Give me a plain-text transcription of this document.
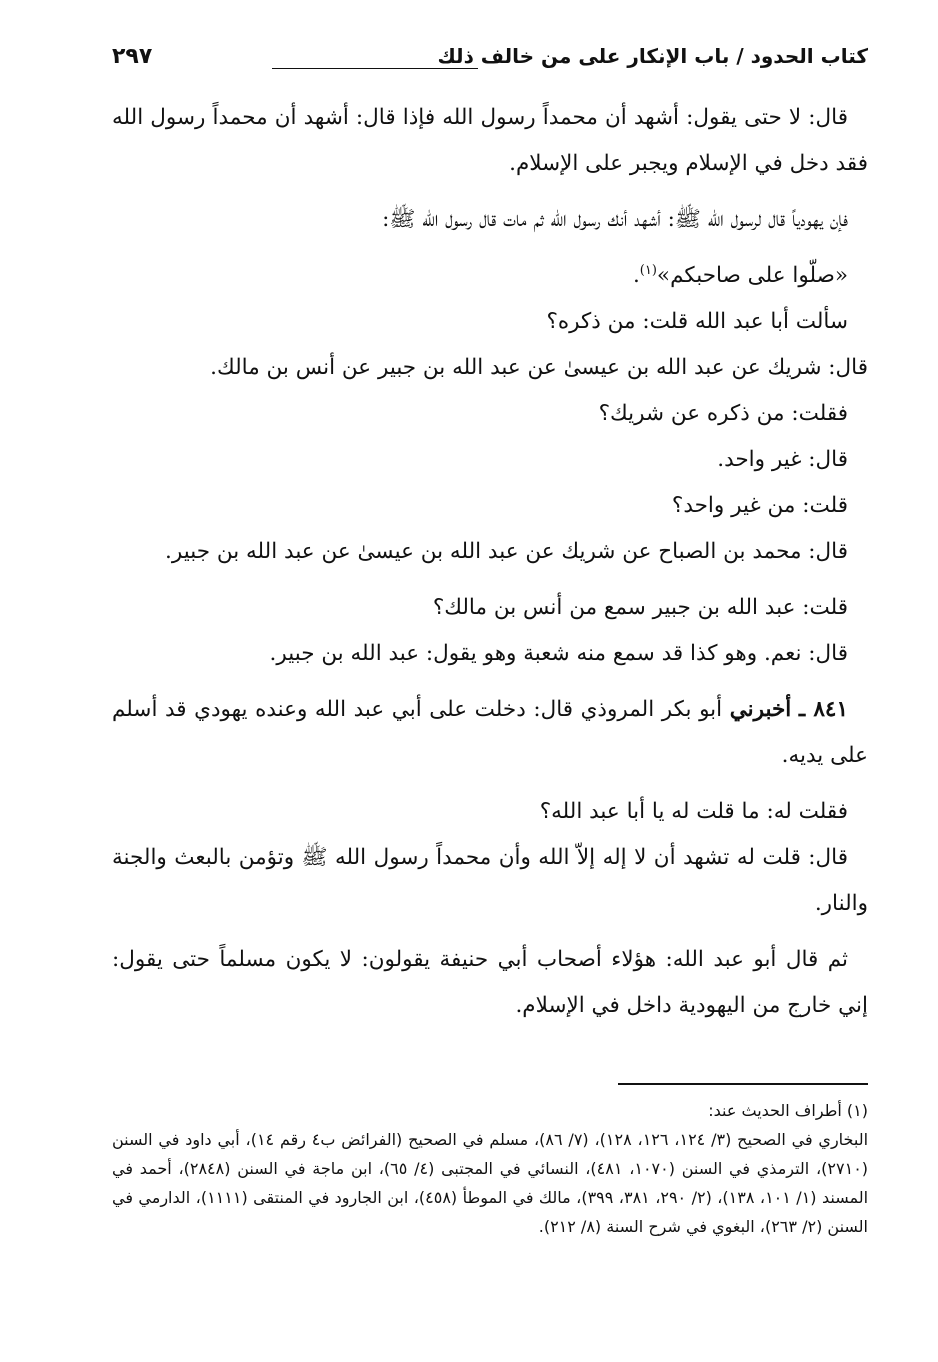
كتاب الحدود / باب الإنكار على من خالف ذلك
٢٩٧

قال: لا حتى يقول: أشهد أن محمداً رسول الله فإذا قال: أشهد أن محمداً رسول الله فقد دخل في الإسلام ويجبر على الإسلام.

فإن يهودياً قال لرسول الله ﷺ: أشهد أنك رسول الله ثم مات قال رسول الله ﷺ:

«صلّوا على صاحبكم»$^{(١)}$.

سألت أبا عبد الله قلت: من ذكره؟

قال: شريك عن عبد الله بن عيسىٰ عن عبد الله بن جبير عن أنس بن مالك.

فقلت: من ذكره عن شريك؟

قال: غير واحد.

قلت: من غير واحد؟

قال: محمد بن الصباح عن شريك عن عبد الله بن عيسىٰ عن عبد الله بن جبير.

قلت: عبد الله بن جبير سمع من أنس بن مالك؟

قال: نعم. وهو كذا قد سمع منه شعبة وهو يقول: عبد الله بن جبير.

٨٤١ ـ أخبرني أبو بكر المروذي قال: دخلت على أبي عبد الله وعنده يهودي قد أسلم على يديه.

فقلت له: ما قلت له يا أبا عبد الله؟

قال: قلت له تشهد أن لا إله إلاّ الله وأن محمداً رسول الله ﷺ وتؤمن بالبعث والجنة والنار.

ثم قال أبو عبد الله: هؤلاء أصحاب أبي حنيفة يقولون: لا يكون مسلماً حتى يقول: إني خارج من اليهودية داخل في الإسلام.

(١) أطراف الحديث عند:

البخاري في الصحيح (٣/ ١٢٤، ١٢٦، ١٢٨)، (٧/ ٨٦)، مسلم في الصحيح (الفرائض ب٤ رقم ١٤)، أبي داود في السنن (٢٧١٠)، الترمذي في السنن (١٠٧٠، ٤٨١)، النسائي في المجتبى (٤/ ٦٥)، ابن ماجة في السنن (٢٨٤٨)، أحمد في المسند (١/ ١٠١، ١٣٨)، (٢/ ٢٩٠، ٣٨١، ٣٩٩)، مالك في الموطأ (٤٥٨)، ابن الجارود في المنتقى (١١١١)، الدارمي في السنن (٢/ ٢٦٣)، البغوي في شرح السنة (٨/ ٢١٢).
